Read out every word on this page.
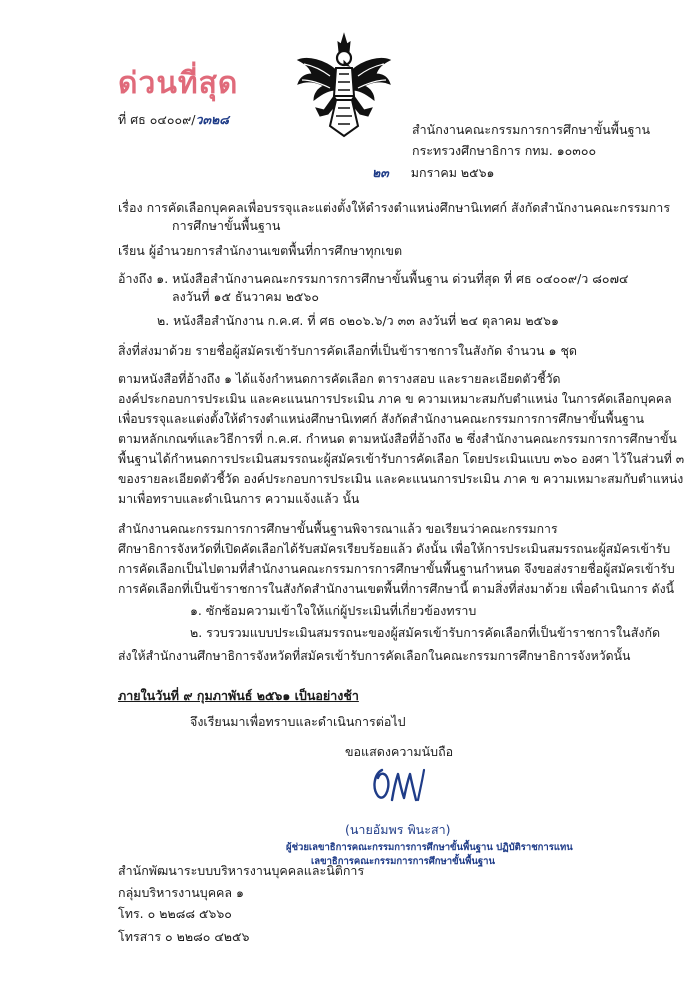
ด่วนที่สุด
ที่ ศธ ๐๔๐๐๙/ว๓๒๘
สำนักงานคณะกรรมการการศึกษาขั้นพื้นฐาน
กระทรวงศึกษาธิการ กทม. ๑๐๓๐๐
๒๓ มกราคม ๒๕๖๑
เรื่อง การคัดเลือกบุคคลเพื่อบรรจุและแต่งตั้งให้ดำรงตำแหน่งศึกษานิเทศก์ สังกัดสำนักงานคณะกรรมการ
การศึกษาขั้นพื้นฐาน
เรียน ผู้อำนวยการสำนักงานเขตพื้นที่การศึกษาทุกเขต
อ้างถึง ๑. หนังสือสำนักงานคณะกรรมการการศึกษาขั้นพื้นฐาน ด่วนที่สุด ที่ ศธ ๐๔๐๐๙/ว ๘๐๗๔
ลงวันที่ ๑๕ ธันวาคม ๒๕๖๐
๒. หนังสือสำนักงาน ก.ค.ศ. ที่ ศธ ๐๒๐๖.๖/ว ๓๓ ลงวันที่ ๒๔ ตุลาคม ๒๕๖๑
สิ่งที่ส่งมาด้วย รายชื่อผู้สมัครเข้ารับการคัดเลือกที่เป็นข้าราชการในสังกัด จำนวน ๑ ชุด
ตามหนังสือที่อ้างถึง ๑ ได้แจ้งกำหนดการคัดเลือก ตารางสอบ และรายละเอียดตัวชี้วัด
องค์ประกอบการประเมิน และคะแนนการประเมิน ภาค ข ความเหมาะสมกับตำแหน่ง ในการคัดเลือกบุคคล
เพื่อบรรจุและแต่งตั้งให้ดำรงตำแหน่งศึกษานิเทศก์ สังกัดสำนักงานคณะกรรมการการศึกษาขั้นพื้นฐาน
ตามหลักเกณฑ์และวิธีการที่ ก.ค.ศ. กำหนด ตามหนังสือที่อ้างถึง ๒ ซึ่งสำนักงานคณะกรรมการการศึกษาขั้น
พื้นฐานได้กำหนดการประเมินสมรรถนะผู้สมัครเข้ารับการคัดเลือก โดยประเมินแบบ ๓๖๐ องศา ไว้ในส่วนที่ ๓
ของรายละเอียดตัวชี้วัด องค์ประกอบการประเมิน และคะแนนการประเมิน ภาค ข ความเหมาะสมกับตำแหน่ง
มาเพื่อทราบและดำเนินการ ความแจ้งแล้ว นั้น
สำนักงานคณะกรรมการการศึกษาขั้นพื้นฐานพิจารณาแล้ว ขอเรียนว่าคณะกรรมการ
ศึกษาธิการจังหวัดที่เปิดคัดเลือกได้รับสมัครเรียบร้อยแล้ว ดังนั้น เพื่อให้การประเมินสมรรถนะผู้สมัครเข้ารับ
การคัดเลือกเป็นไปตามที่สำนักงานคณะกรรมการการศึกษาขั้นพื้นฐานกำหนด จึงขอส่งรายชื่อผู้สมัครเข้ารับ
การคัดเลือกที่เป็นข้าราชการในสังกัดสำนักงานเขตพื้นที่การศึกษานี้ ตามสิ่งที่ส่งมาด้วย เพื่อดำเนินการ ดังนี้
๑. ซักซ้อมความเข้าใจให้แก่ผู้ประเมินที่เกี่ยวข้องทราบ
๒. รวบรวมแบบประเมินสมรรถนะของผู้สมัครเข้ารับการคัดเลือกที่เป็นข้าราชการในสังกัด
ส่งให้สำนักงานศึกษาธิการจังหวัดที่สมัครเข้ารับการคัดเลือกในคณะกรรมการศึกษาธิการจังหวัดนั้น
ภายในวันที่ ๙ กุมภาพันธ์ ๒๕๖๑ เป็นอย่างช้า
จึงเรียนมาเพื่อทราบและดำเนินการต่อไป
ขอแสดงความนับถือ
(นายอัมพร พินะสา)
ผู้ช่วยเลขาธิการคณะกรรมการการศึกษาขั้นพื้นฐาน ปฏิบัติราชการแทน
เลขาธิการคณะกรรมการการศึกษาขั้นพื้นฐาน
สำนักพัฒนาระบบบริหารงานบุคคลและนิติการ
กลุ่มบริหารงานบุคคล ๑
โทร. ๐ ๒๒๘๘ ๕๖๖๐
โทรสาร ๐ ๒๒๘๐ ๔๒๕๖
